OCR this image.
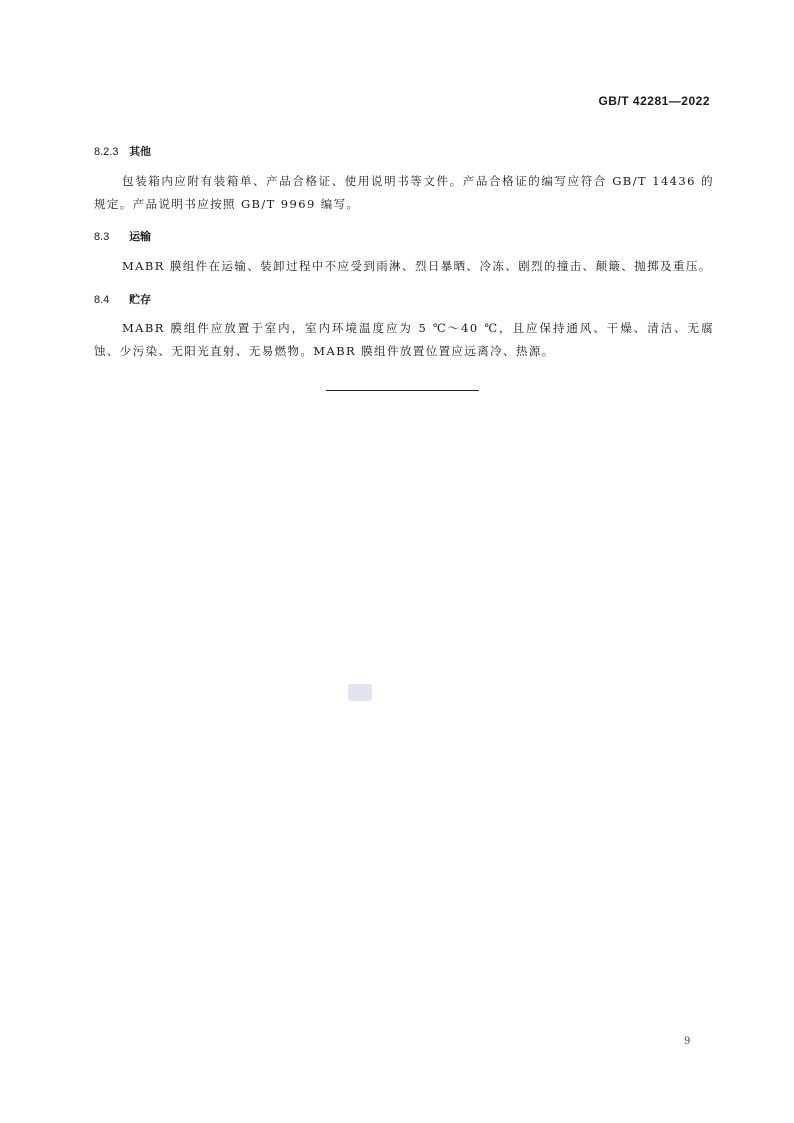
GB/T 42281—2022
8.2.3 其他
包装箱内应附有装箱单、产品合格证、使用说明书等文件。产品合格证的编写应符合 GB/T 14436 的规定。产品说明书应按照 GB/T 9969 编写。
8.3 运输
MABR 膜组件在运输、装卸过程中不应受到雨淋、烈日暴晒、冷冻、剧烈的撞击、颠簸、抛掷及重压。
8.4 贮存
MABR 膜组件应放置于室内，室内环境温度应为 5 ℃～40 ℃，且应保持通风、干燥、清洁、无腐蚀、少污染、无阳光直射、无易燃物。MABR 膜组件放置位置应远离冷、热源。
9
